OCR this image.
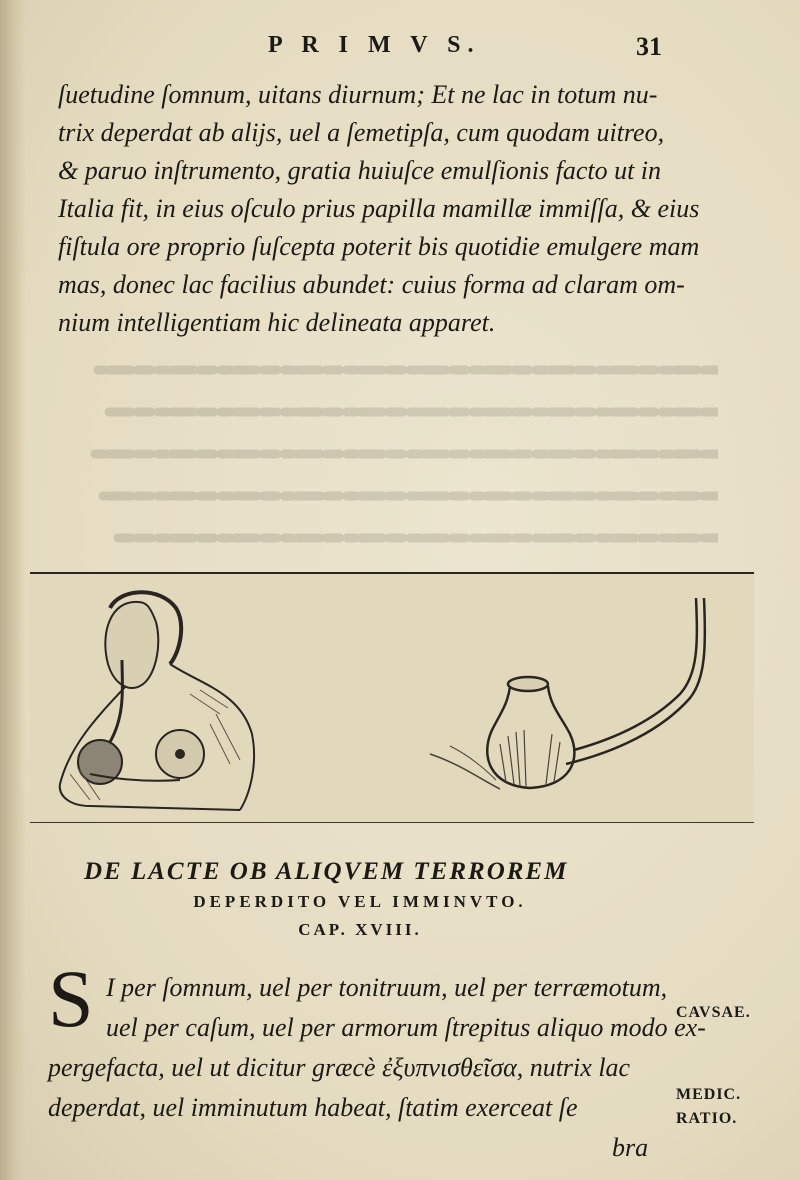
P R I M V S.	31
ſuetudine ſomnum, uitans diurnum; Et ne lac in totum nu-
trix deperdat ab alijs, uel a ſemetipſa, cum quodam uitreo,
& paruo inſtrumento, gratia huiuſce emulſionis facto ut in
Italia fit, in eius oſculo prius papilla mamillæ immiſſa, & eius
fiſtula ore proprio ſuſcepta poterit bis quotidie emulgere mam
mas, donec lac facilius abundet: cuius forma ad claram om-
nium intelligentiam hic delineata apparet.
DE LACTE OB ALIQVEM TERROREM
DEPERDITO VEL IMMINVTO.
CAP. XVIII.
S I per ſomnum, uel per tonitruum, uel per terræmotum,
uel per caſum, uel per armorum ſtrepitus aliquo modo ex-
pergefacta, uel ut dicitur græcè ἐξυπνισθεῖσα, nutrix lac
deperdat, uel imminutum habeat, ſtatim exerceat ſe
bra
CAVSAE.
MEDIC.
RATIO.
